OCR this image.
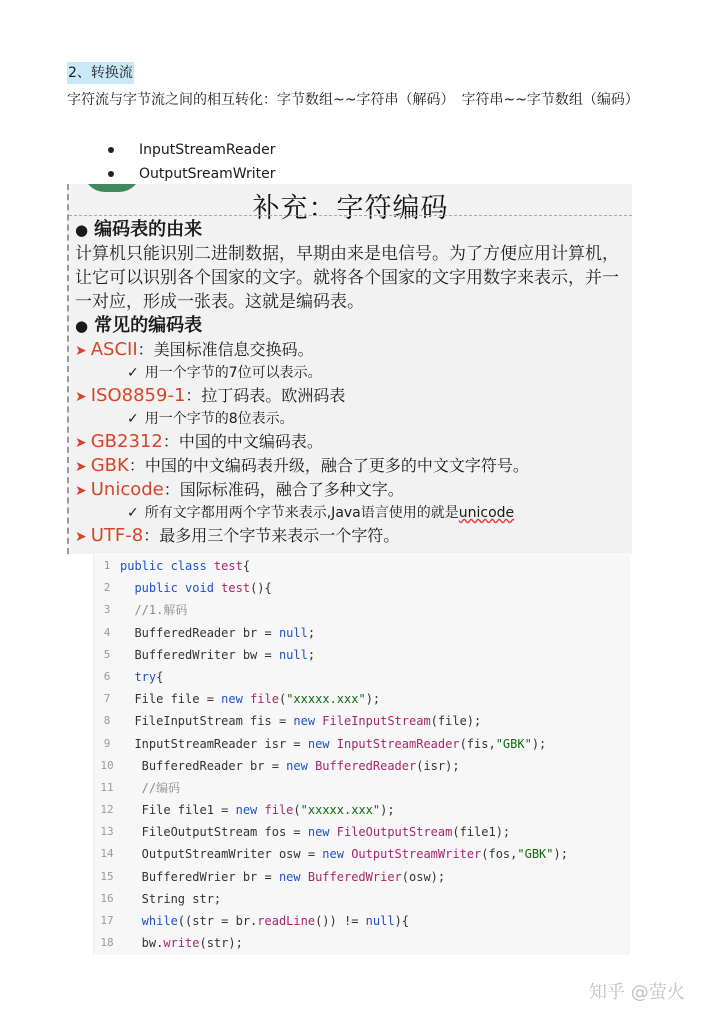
2、转换流
字符流与字节流之间的相互转化：字节数组~~字符串（解码）　字符串~~字节数组（编码）
InputStreamReader
OutputSreamWriter
补充：字符编码
● 编码表的由来
计算机只能识别二进制数据，早期由来是电信号。为了方便应用计算机，让它可以识别各个国家的文字。就将各个国家的文字用数字来表示，并一一对应，形成一张表。这就是编码表。
● 常见的编码表
➤ ASCII：美国标准信息交换码。
✓ 用一个字节的7位可以表示。
➤ ISO8859-1：拉丁码表。欧洲码表
✓ 用一个字节的8位表示。
➤ GB2312：中国的中文编码表。
➤ GBK：中国的中文编码表升级，融合了更多的中文文字符号。
➤ Unicode：国际标准码，融合了多种文字。
✓ 所有文字都用两个字节来表示,Java语言使用的就是unicode
➤ UTF-8：最多用三个字节来表示一个字符。
1 public class test {
2 public void test (){
3 //1.解码
4 BufferedReader br = null ;
5 BufferedWriter bw = null ;
6 try {
7 File file = new file ( "xxxxx.xxx" );
8 FileInputStream fis = new FileInputStream (file);
9 InputStreamReader isr = new InputStreamReader (fis, "GBK" );
10 BufferedReader br = new BufferedReader (isr);
11 //编码
12 File file1 = new file ( "xxxxx.xxx" );
13 FileOutputStream fos = new FileOutputStream (file1);
14 OutputStreamWriter osw = new OutputStreamWriter (fos, "GBK" );
15 BufferedWrier br = new BufferedWrier (osw);
16 String str;
17 while ((str = br. readLine ()) != null ){
18 bw. write (str);
知乎 @萤火
